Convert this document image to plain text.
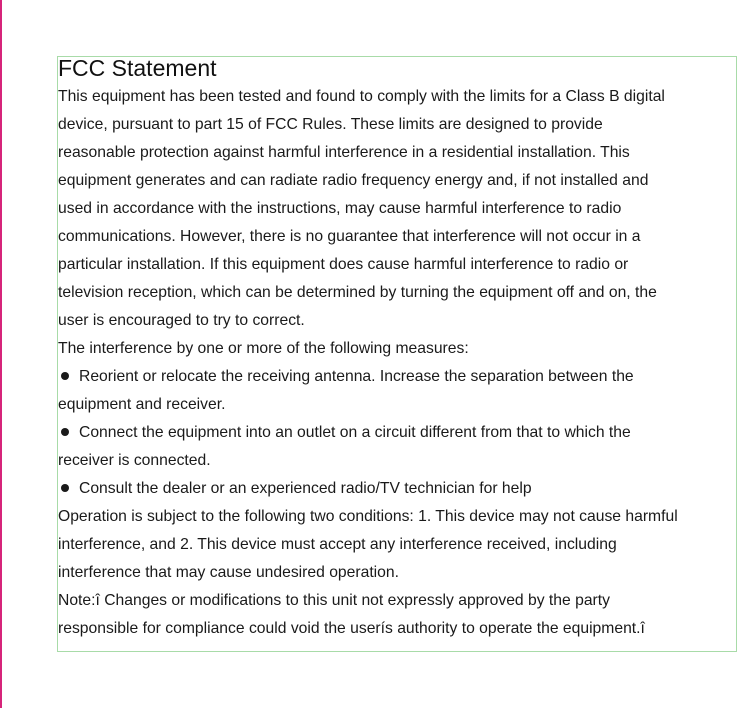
FCC Statement

This equipment has been tested and found to comply with the limits for a Class B digital
device, pursuant to part 15 of FCC Rules. These limits are designed to provide
reasonable protection against harmful interference in a residential installation. This
equipment generates and can radiate radio frequency energy and, if not installed and
used in accordance with the instructions, may cause harmful interference to radio
communications. However, there is no guarantee that interference will not occur in a
particular installation. If this equipment does cause harmful interference to radio or
television reception, which can be determined by turning the equipment off and on, the
user is encouraged to try to correct.

The interference by one or more of the following measures:

Reorient or relocate the receiving antenna. Increase the separation between the
equipment and receiver.

Connect the equipment into an outlet on a circuit different from that to which the
receiver is connected.

Consult the dealer or an experienced radio/TV technician for help

Operation is subject to the following two conditions: 1. This device may not cause harmful
interference, and 2. This device must accept any interference received, including
interference that may cause undesired operation.

Note:î Changes or modifications to this unit not expressly approved by the party
responsible for compliance could void the userís authority to operate the equipment.î
